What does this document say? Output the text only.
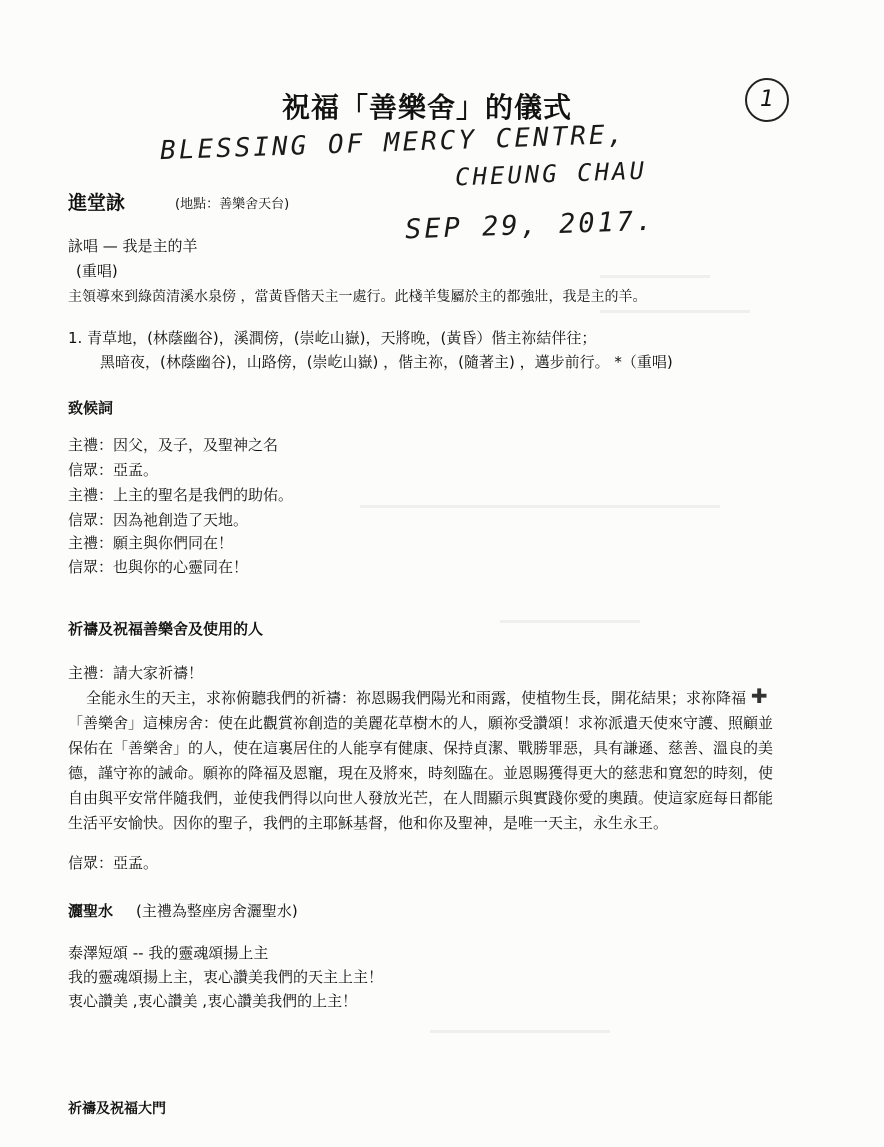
1
祝福「善樂舍」的儀式
BLESSING OF MERCY CENTRE,
CHEUNG CHAU
SEP 29, 2017.
進堂詠	(地點：善樂舍天台)
詠唱 — 我是主的羊
(重唱)
主領導來到綠茵清溪水泉傍 ，當黃昏偕天主一處行。此棧羊隻屬於主的都強壯，我是主的羊。
1. 青草地，(林蔭幽谷)，溪澗傍，(崇屹山嶽)，天將晚，(黃昏）偕主祢結伴往；
黑暗夜，(林蔭幽谷)，山路傍，(崇屹山嶽) ，偕主祢，(隨著主) ，邁步前行。 *（重唱)
致候詞
主禮：因父，及子，及聖神之名
信眾：亞孟。
主禮：上主的聖名是我們的助佑。
信眾：因為祂創造了天地。
主禮：願主與你們同在！
信眾：也與你的心靈同在！
祈禱及祝福善樂舍及使用的人
主禮：請大家祈禱！
全能永生的天主，求祢俯聽我們的祈禱：祢恩賜我們陽光和雨露，使植物生長，開花結果；求祢降福 ✚「善樂舍」這棟房舍：使在此觀賞祢創造的美麗花草樹木的人，願祢受讚頌！求祢派遣天使來守護、照顧並保佑在「善樂舍」的人，使在這裏居住的人能享有健康、保持貞潔、戰勝罪惡，具有謙遜、慈善、溫良的美德，謹守祢的誡命。願祢的降福及恩寵，現在及將來，時刻臨在。並恩賜獲得更大的慈悲和寬恕的時刻，使自由與平安常伴隨我們，並使我們得以向世人發放光芒，在人間顯示與實踐你愛的奧蹟。使這家庭每日都能生活平安愉快。因你的聖子，我們的主耶穌基督，他和你及聖神，是唯一天主，永生永王。
信眾：亞孟。
灑聖水 (主禮為整座房舍灑聖水)
泰澤短頌 -- 我的靈魂頌揚上主
我的靈魂頌揚上主，衷心讚美我們的天主上主！
衷心讚美 ,衷心讚美 ,衷心讚美我們的上主！
祈禱及祝福大門
